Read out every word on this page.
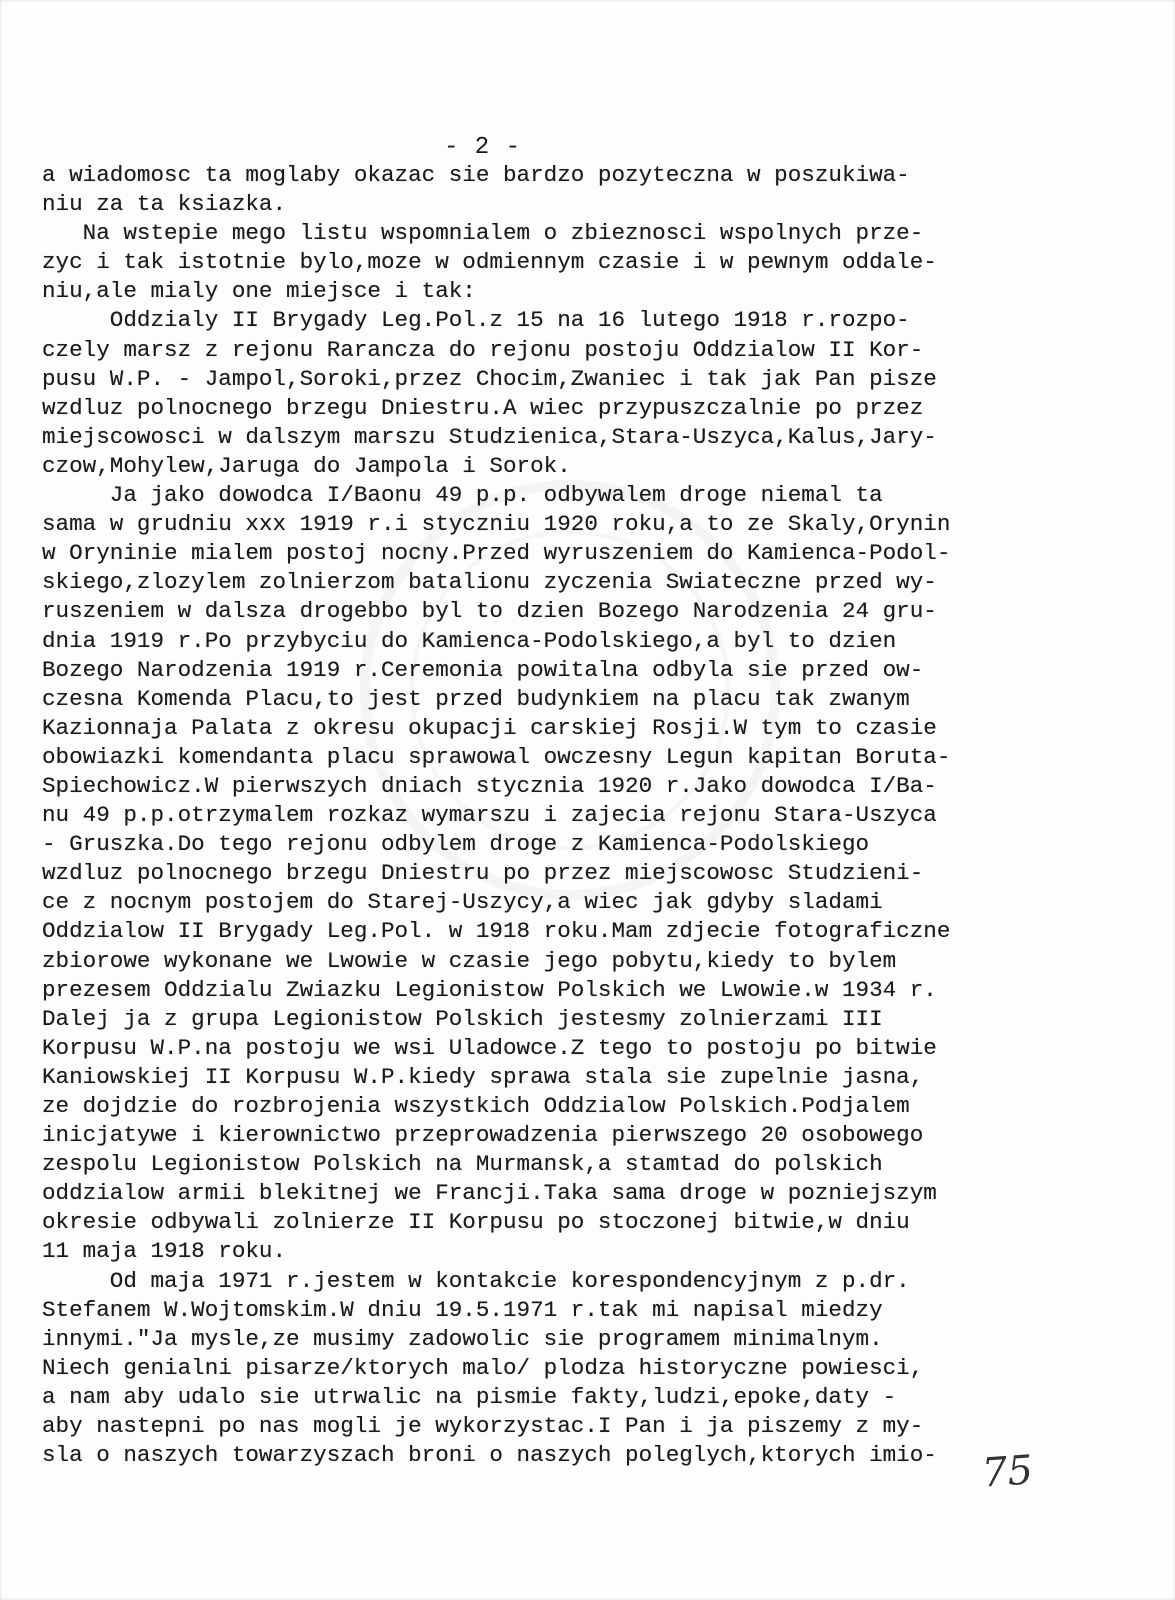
- 2 -
a wiadomosc ta moglaby okazac sie bardzo pozyteczna w poszukiwa-
niu za ta ksiazka.
Na wstepie mego listu wspomnialem o zbieznosci wspolnych prze-
zyc i tak istotnie bylo,moze w odmiennym czasie i w pewnym oddale-
niu,ale mialy one miejsce i tak:
Oddzialy II Brygady Leg.Pol.z 15 na 16 lutego 1918 r.rozpo-
czely marsz z rejonu Rarancza do rejonu postoju Oddzialow II Kor-
pusu W.P. - Jampol,Soroki,przez Chocim,Zwaniec i tak jak Pan pisze
wzdluz polnocnego brzegu Dniestru.A wiec przypuszczalnie po przez
miejscowosci w dalszym marszu Studzienica,Stara-Uszyca,Kalus,Jary-
czow,Mohylew,Jaruga do Jampola i Sorok.
Ja jako dowodca I/Baonu 49 p.p. odbywalem droge niemal ta
sama w grudniu xxx 1919 r.i styczniu 1920 roku,a to ze Skaly,Orynin
w Oryninie mialem postoj nocny.Przed wyruszeniem do Kamienca-Podol-
skiego,zlozylem zolnierzom batalionu zyczenia Swiateczne przed wy-
ruszeniem w dalsza drogebbo byl to dzien Bozego Narodzenia 24 gru-
dnia 1919 r.Po przybyciu do Kamienca-Podolskiego,a byl to dzien
Bozego Narodzenia 1919 r.Ceremonia powitalna odbyla sie przed ow-
czesna Komenda Placu,to jest przed budynkiem na placu tak zwanym
Kazionnaja Palata z okresu okupacji carskiej Rosji.W tym to czasie
obowiazki komendanta placu sprawowal owczesny Legun kapitan Boruta-
Spiechowicz.W pierwszych dniach stycznia 1920 r.Jako dowodca I/Ba-
nu 49 p.p.otrzymalem rozkaz wymarszu i zajecia rejonu Stara-Uszyca
- Gruszka.Do tego rejonu odbylem droge z Kamienca-Podolskiego
wzdluz polnocnego brzegu Dniestru po przez miejscowosc Studzieni-
ce z nocnym postojem do Starej-Uszycy,a wiec jak gdyby sladami
Oddzialow II Brygady Leg.Pol. w 1918 roku.Mam zdjecie fotograficzne
zbiorowe wykonane we Lwowie w czasie jego pobytu,kiedy to bylem
prezesem Oddzialu Zwiazku Legionistow Polskich we Lwowie.w 1934 r.
Dalej ja z grupa Legionistow Polskich jestesmy zolnierzami III
Korpusu W.P.na postoju we wsi Uladowce.Z tego to postoju po bitwie
Kaniowskiej II Korpusu W.P.kiedy sprawa stala sie zupelnie jasna,
ze dojdzie do rozbrojenia wszystkich Oddzialow Polskich.Podjalem
inicjatywe i kierownictwo przeprowadzenia pierwszego 20 osobowego
zespolu Legionistow Polskich na Murmansk,a stamtad do polskich
oddzialow armii blekitnej we Francji.Taka sama droge w pozniejszym
okresie odbywali zolnierze II Korpusu po stoczonej bitwie,w dniu
11 maja 1918 roku.
Od maja 1971 r.jestem w kontakcie korespondencyjnym z p.dr.
Stefanem W.Wojtomskim.W dniu 19.5.1971 r.tak mi napisal miedzy
innymi."Ja mysle,ze musimy zadowolic sie programem minimalnym.
Niech genialni pisarze/ktorych malo/ plodza historyczne powiesci,
a nam aby udalo sie utrwalic na pismie fakty,ludzi,epoke,daty -
aby nastepni po nas mogli je wykorzystac.I Pan i ja piszemy z my-
sla o naszych towarzyszach broni o naszych poleglych,ktorych imio-	75
